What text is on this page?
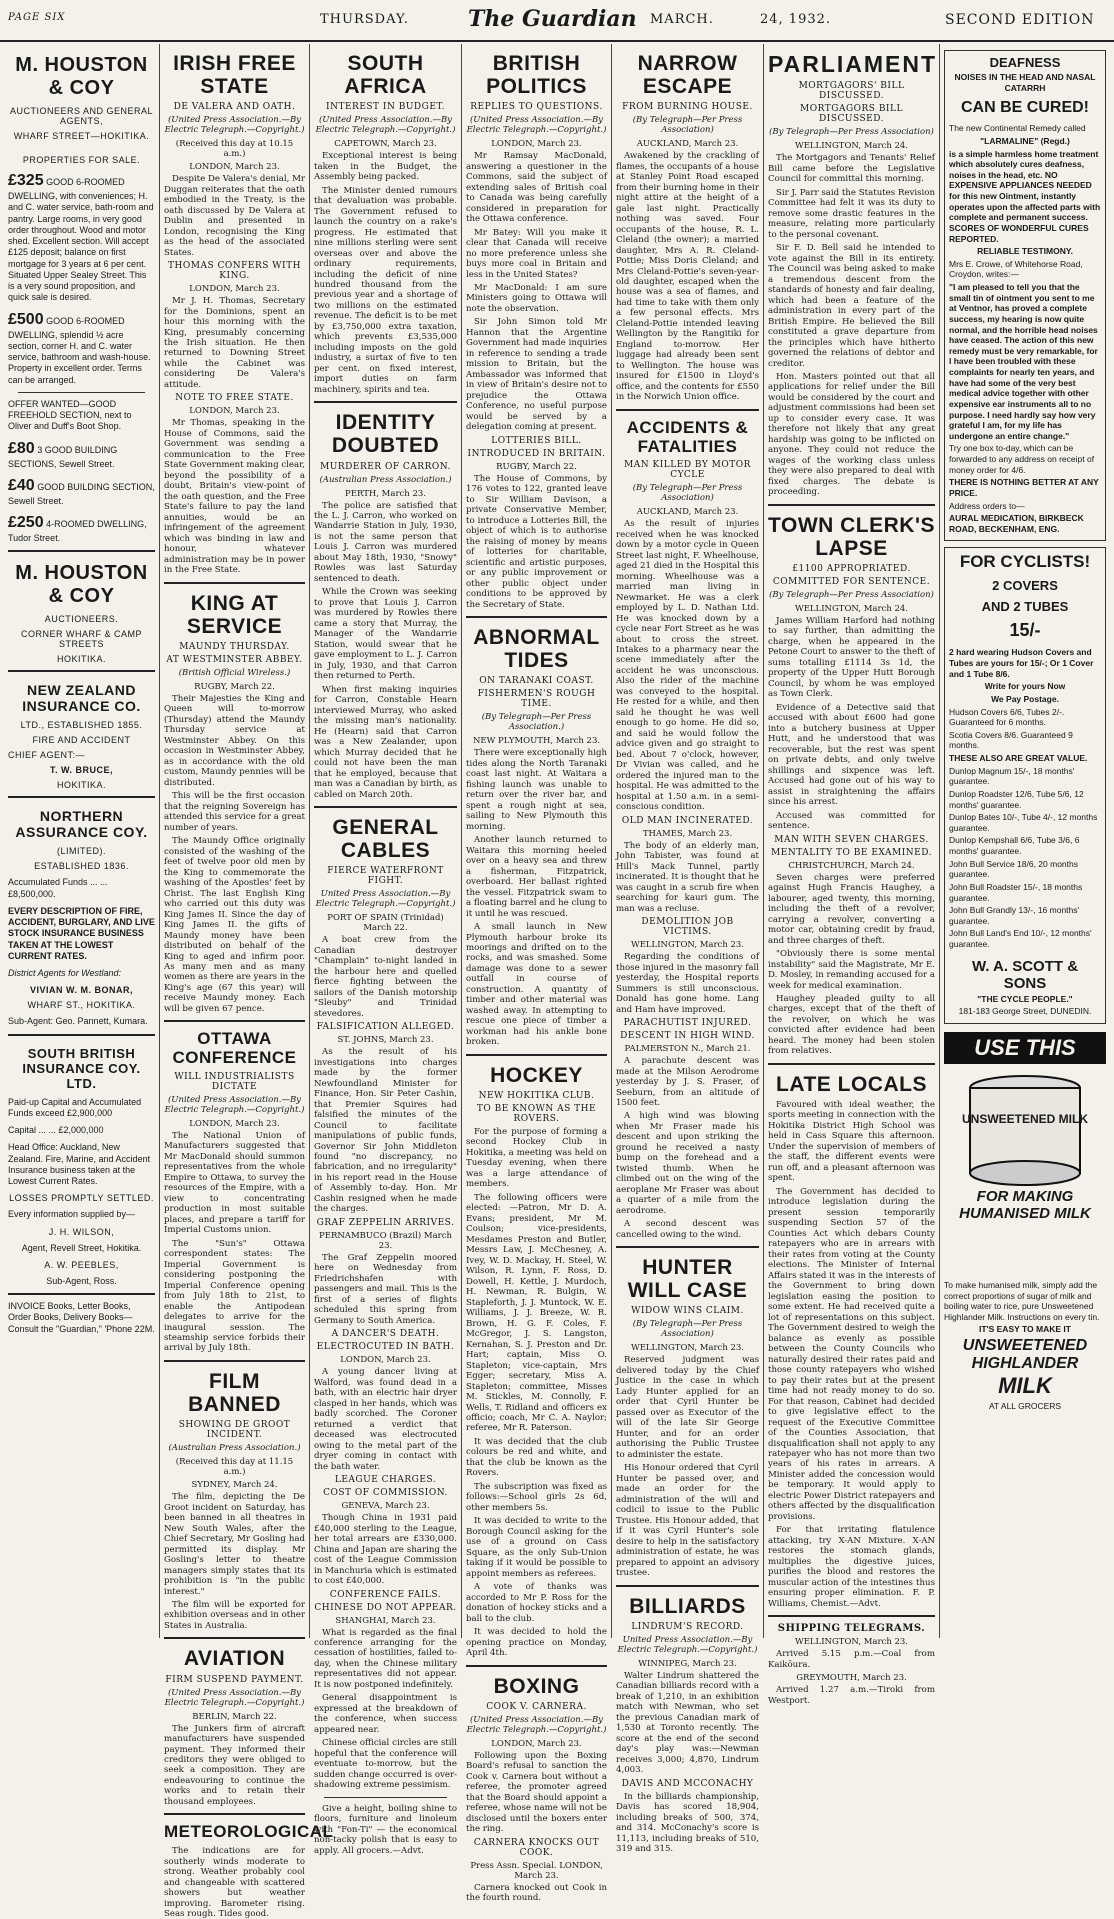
PAGE SIX	THURSDAY.	The Guardian MARCH.	24, 1932.	SECOND EDITION
M. HOUSTON & COY
AUCTIONEERS AND GENERAL AGENTS,
WHARF STREET—HOKITIKA.
PROPERTIES FOR SALE.
£325 GOOD 6-ROOMED DWELLING, with conveniences; H. and C. water service, bath-room and pantry. Large rooms, in very good order throughout. Wood and motor shed. Excellent section. Will accept £125 deposit; balance on first mortgage for 3 years at 6 per cent. Situated Upper Sealey Street. This is a very sound proposition, and quick sale is desired.
£500 GOOD 6-ROOMED DWELLING, splendid ½ acre section, corner H. and C. water service, bathroom and wash-house. Property in excellent order. Terms can be arranged.
OFFER WANTED—GOOD FREEHOLD SECTION, next to Oliver and Duff's Boot Shop.
£80 3 GOOD BUILDING SECTIONS, Sewell Street.
£40 GOOD BUILDING SECTION, Sewell Street.
£250 4-ROOMED DWELLING, Tudor Street.
M. HOUSTON & COY
AUCTIONEERS.
CORNER WHARF & CAMP STREETS
HOKITIKA.
NEW ZEALAND INSURANCE CO.
LTD., ESTABLISHED 1855.
FIRE AND ACCIDENT
CHIEF AGENT:—
T. W. BRUCE,
HOKITIKA.
NORTHERN ASSURANCE COY.
(LIMITED).
ESTABLISHED 1836.
Accumulated Funds ... ... £8,500,000.
EVERY DESCRIPTION OF FIRE, ACCIDENT, BURGLARY, AND LIVE STOCK INSURANCE BUSINESS TAKEN AT THE LOWEST CURRENT RATES.
District Agents for Westland:
VIVIAN W. M. BONAR,
WHARF ST., HOKITIKA.
Sub-Agent: Geo. Pannett, Kumara.
SOUTH BRITISH INSURANCE COY. LTD.
Paid-up Capital and Accumulated Funds exceed £2,900,000
Capital ... ... £2,000,000
Head Office: Auckland, New Zealand. Fire, Marine, and Accident Insurance business taken at the Lowest Current Rates.
LOSSES PROMPTLY SETTLED.
Every information supplied by—
J. H. WILSON,
Agent, Revell Street, Hokitika.
A. W. PEEBLES,
Sub-Agent, Ross.
INVOICE Books, Letter Books, Order Books, Delivery Books—Consult the "Guardian," 'Phone 22M.
IRISH FREE STATE
DE VALERA AND OATH.
(United Press Association.—By Electric Telegraph.—Copyright.)
(Received this day at 10.15 a.m.)
LONDON, March 23.

Despite De Valera's denial, Mr Duggan reiterates that the oath embodied in the Treaty, is the oath discussed by De Valera at Dublin and presented in London, recognising the King as the head of the associated States.

THOMAS CONFERS WITH KING.
LONDON, March 23.

Mr J. H. Thomas, Secretary for the Dominions, spent an hour this morning with the King, presumably concerning the Irish situation. He then returned to Downing Street while the Cabinet was considering De Valera's attitude.

NOTE TO FREE STATE.
LONDON, March 23.

Mr Thomas, speaking in the House of Commons, said the Government was sending a communication to the Free State Government making clear, beyond the possibility of a doubt, Britain's view-point of the oath question, and the Free State's failure to pay the land annuities, would be an infringement of the agreement which was binding in law and honour, whatever administration may be in power in the Free State.

KING AT SERVICE
MAUNDY THURSDAY.
AT WESTMINSTER ABBEY.
(British Official Wireless.)
RUGBY, March 22.

Their Majesties the King and Queen will to-morrow (Thursday) attend the Maundy Thursday service at Westminster Abbey. On this occasion in Westminster Abbey, as in accordance with the old custom, Maundy pennies will be distributed.

This will be the first occasion that the reigning Sovereign has attended this service for a great number of years.

The Maundy Office originally consisted of the washing of the feet of twelve poor old men by the King to commemorate the washing of the Apostles' feet by Christ. The last English King who carried out this duty was King James II. Since the day of King James II. the gifts of Maundy money have been distributed on behalf of the King to aged and infirm poor. As many men and as many women as there are years in the King's age (67 this year) will receive Maundy money. Each will be given 67 pence.

OTTAWA CONFERENCE
WILL INDUSTRIALISTS DICTATE
(United Press Association.—By Electric Telegraph.—Copyright.)
LONDON, March 23.

The National Union of Manufacturers suggested that Mr MacDonald should summon representatives from the whole Empire to Ottawa, to survey the resources of the Empire, with a view to concentrating production in most suitable places, and prepare a tariff for Imperial Customs union.

The "Sun's" Ottawa correspondent states: The Imperial Government is considering postponing the Imperial Conference opening from July 18th to 21st, to enable the Antipodean delegates to arrive for the inaugural session. The steamship service forbids their arrival by July 18th.

FILM BANNED
SHOWING DE GROOT INCIDENT.
(Australian Press Association.)
(Received this day at 11.15 a.m.)
SYDNEY, March 24.

The film, depicting the De Groot incident on Saturday, has been banned in all theatres in New South Wales, after the Chief Secretary, Mr Gosling had permitted its display. Mr Gosling's letter to theatre managers simply states that its prohibition is "in the public interest."

The film will be exported for exhibition overseas and in other States in Australia.

AVIATION
FIRM SUSPEND PAYMENT.
(United Press Association.—By Electric Telegraph.—Copyright.)
BERLIN, March 22.

The Junkers firm of aircraft manufacturers have suspended payment. They informed their creditors they were obliged to seek a composition. They are endeavouring to continue the works and to retain their thousand employees.

METEOROLOGICAL

The indications are for southerly winds moderate to strong. Weather probably cool and changeable with scattered showers but weather improving. Barometer rising. Seas rough. Tides good.

SOUTH AFRICA
INTEREST IN BUDGET.
(United Press Association.—By Electric Telegraph.—Copyright.)
CAPETOWN, March 23.

Exceptional interest is being taken in the Budget, the Assembly being packed.

The Minister denied rumours that devaluation was probable. The Government refused to launch the country on a rake's progress. He estimated that nine millions sterling were sent overseas over and above the ordinary requirements, including the deficit of nine hundred thousand from the previous year and a shortage of two millions on the estimated revenue. The deficit is to be met by £3,750,000 extra taxation, which prevents £3,535,000 including imposts on the gold industry, a surtax of five to ten per cent. on fixed interest, import duties on farm machinery, spirits and tea.

IDENTITY DOUBTED
MURDERER OF CARRON.
(Australian Press Association.)
PERTH, March 23.

The police are satisfied that the L. J. Carron, who worked on Wandarrie Station in July, 1930, is not the same person that Louis J. Carron was murdered about May 18th, 1930, "Snowy" Rowles was last Saturday sentenced to death.

While the Crown was seeking to prove that Louis J. Carron was murdered by Rowles there came a story that Murray, the Manager of the Wandarrie Station, would swear that he gave employment to L. J. Carron in July, 1930, and that Carron then returned to Perth.

When first making inquiries for Carron, Constable Hearn interviewed Murray, who asked the missing man's nationality. He (Hearn) said that Carron was a New Zealander, upon which Murray decided that he could not have been the man that he employed, because that man was a Canadian by birth, as cabled on March 20th.

GENERAL CABLES
FIERCE WATERFRONT FIGHT.
United Press Association.—By Electric Telegraph.—Copyright.)
PORT OF SPAIN (Trinidad) March 22.

A boat crew from the Canadian destroyer "Champlain" to-night landed in the harbour here and quelled fierce fighting between the sailors of the Danish motorship "Sleuby" and Trinidad stevedores.

FALSIFICATION ALLEGED.
ST. JOHNS, March 23.

As the result of his investigations into charges made by the former Newfoundland Minister for Finance, Hon. Sir Peter Cashin, that Premier Squires had falsified the minutes of the Council to facilitate manipulations of public funds, Governor Sir John Middleton found "no discrepancy, no fabrication, and no irregularity" in his report read in the House of Assembly to-day. Hon. Mr Cashin resigned when he made the charges.

GRAF ZEPPELIN ARRIVES.
PERNAMBUCO (Brazil) March 23.

The Graf Zeppelin moored here on Wednesday from Friedrichshafen with passengers and mail. This is the first of a series of flights scheduled this spring from Germany to South America.

A DANCER'S DEATH.
ELECTROCUTED IN BATH.
LONDON, March 23.

A young dancer living at Walford, was found dead in a bath, with an electric hair dryer clasped in her hands, which was badly scorched. The Coroner returned a verdict that deceased was electrocuted owing to the metal part of the dryer coming in contact with the bath water.

LEAGUE CHARGES.
COST OF COMMISSION.
GENEVA, March 23.

Though China in 1931 paid £40,000 sterling to the League, her total arrears are £330,000. China and Japan are sharing the cost of the League Commission in Manchuria which is estimated to cost £40,000.

CONFERENCE FAILS.
CHINESE DO NOT APPEAR.
SHANGHAI, March 23.

What is regarded as the final conference arranging for the cessation of hostilities, failed to-day, when the Chinese military representatives did not appear. It is now postponed indefinitely.

General disappointment is expressed at the breakdown of the conference, when success appeared near.

Chinese official circles are still hopeful that the conference will eventuate to-morrow, but the sudden change occurred is over-shadowing extreme pessimism.

Give a height, boiling shine to floors, furniture and linoleum with "Fon-Ti" — the economical non-tacky polish that is easy to apply. All grocers.—Advt.

BRITISH POLITICS
REPLIES TO QUESTIONS.
(United Press Association.—By Electric Telegraph.—Copyright.)
LONDON, March 23.

Mr Ramsay MacDonald, answering a questioner in the Commons, said the subject of extending sales of British coal to Canada was being carefully considered in preparation for the Ottawa conference.

Mr Batey: Will you make it clear that Canada will receive no more preference unless she buys more coal in Britain and less in the United States?

Mr MacDonald: I am sure Ministers going to Ottawa will note the observation.

Sir John Simon told Mr Hannon that the Argentine Government had made inquiries in reference to sending a trade mission to Britain, but the Ambassador was informed that in view of Britain's desire not to prejudice the Ottawa Conference, no useful purpose would be served by a delegation coming at present.

LOTTERIES BILL.
INTRODUCED IN BRITAIN.
RUGBY, March 22.

The House of Commons, by 176 votes to 122, granted leave to Sir William Davison, a private Conservative Member, to introduce a Lotteries Bill, the object of which is to authorise the raising of money by means of lotteries for charitable, scientific and artistic purposes, or any public improvement or other public object under conditions to be approved by the Secretary of State.

ABNORMAL TIDES
ON TARANAKI COAST.
FISHERMEN'S ROUGH TIME.
(By Telegraph—Per Press Association.)
NEW PLYMOUTH, March 23.

There were exceptionally high tides along the North Taranaki coast last night. At Waitara a fishing launch was unable to return over the river bar, and spent a rough night at sea, sailing to New Plymouth this morning.

Another launch returned to Waitara this morning heeled over on a heavy sea and threw a fisherman, Fitzpatrick, overboard. Her ballast righted the vessel. Fitzpatrick swam to a floating barrel and he clung to it until he was rescued.

A small launch in New Plymouth harbour broke its moorings and drifted on to the rocks, and was smashed. Some damage was done to a sewer outfall in course of construction. A quantity of timber and other material was washed away. In attempting to rescue one piece of timber a workman had his ankle bone broken.

HOCKEY
NEW HOKITIKA CLUB.
TO BE KNOWN AS THE ROVERS.

For the purpose of forming a second Hockey Club in Hokitika, a meeting was held on Tuesday evening, when there was a large attendance of members.

The following officers were elected: —Patron, Mr D. A. Evans; president, Mr M. Coulson; vice-presidents, Mesdames Preston and Butler, Messrs Law, J. McChesney, A. Ivey, W. D. Mackay, H. Steel, W. Wilson, R. Lynn, F. Ross, D. Dowell, H. Kettle, J. Murdoch, H. Newman, R. Bulgin, W. Stapleforth, J. J. Muntock, W. E. Williams, J. J. Breeze, W. R. Brown, H. G. F. Coles, F. McGregor, J. S. Langston, Kernahan, S. J. Preston and Dr. Hart; captain, Miss O. Stapleton; vice-captain, Mrs Egger; secretary, Miss A. Stapleton; committee, Misses M. Stickles, M. Connolly, F. Wells, T. Ridland and officers ex officio; coach, Mr C. A. Naylor; referee, Mr R. Paterson.

It was decided that the club colours be red and white, and that the club be known as the Rovers.

The subscription was fixed as follows:—School girls 2s 6d, other members 5s.

It was decided to write to the Borough Council asking for the use of a ground on Cass Square, as the only Sub-Union taking if it would be possible to appoint members as referees.

A vote of thanks was accorded to Mr P. Ross for the donation of hockey sticks and a ball to the club.

It was decided to hold the opening practice on Monday, April 4th.

BOXING
COOK V. CARNERA.
(United Press Association.—By Electric Telegraph.—Copyright.)
LONDON, March 23.

Following upon the Boxing Board's refusal to sanction the Cook v. Carnera bout without a referee, the promoter agreed that the Board should appoint a referee, whose name will not be disclosed until the boxers enter the ring.

CARNERA KNOCKS OUT COOK.
Press Assn. Special. LONDON, March 23.

Carnera knocked out Cook in the fourth round.

NARROW ESCAPE
FROM BURNING HOUSE.
(By Telegraph—Per Press Association)
AUCKLAND, March 23.

Awakened by the crackling of flames, the occupants of a house at Stanley Point Road escaped from their burning home in their night attire at the height of a gale last night. Practically nothing was saved. Four occupants of the house, R. L. Cleland (the owner); a married daughter, Mrs A. R. Cleland-Pottie; Miss Doris Cleland; and Mrs Cleland-Pottie's seven-year-old daughter, escaped when the house was a sea of flames, and had time to take with them only a few personal effects. Mrs Cleland-Pottie intended leaving Wellington by the Rangitiki for England to-morrow. Her luggage had already been sent to Wellington. The house was insured for £1500 in Lloyd's office, and the contents for £550 in the Norwich Union office.

ACCIDENTS & FATALITIES
MAN KILLED BY MOTOR CYCLE
(By Telegraph—Per Press Association)
AUCKLAND, March 23.

As the result of injuries received when he was knocked down by a motor cycle in Queen Street last night, F. Wheelhouse, aged 21 died in the Hospital this morning. Wheelhouse was a married man living in Newmarket. He was a clerk employed by L. D. Nathan Ltd. He was knocked down by a cycle near Fort Street as he was about to cross the street. Intakes to a pharmacy near the scene immediately after the accident he was unconscious. Also the rider of the machine was conveyed to the hospital. He rested for a while, and then said he thought he was well enough to go home. He did so, and said he would follow the advice given and go straight to bed. About 7 o'clock, however, Dr Vivian was called, and he ordered the injured man to the hospital. He was admitted to the hospital at 1.50 a.m. in a semi-conscious condition.

OLD MAN INCINERATED.
THAMES, March 23.

The body of an elderly man, John Tabister, was found at Hill's Mack Tunnel, partly incinerated. It is thought that he was caught in a scrub fire when searching for kauri gum. The man was a recluse.

DEMOLITION JOB VICTIMS.
WELLINGTON, March 23.

Regarding the conditions of those injured in the masonry fall yesterday, the Hospital reports Summers is still unconscious. Donald has gone home. Lang and Ham have improved.

PARACHUTIST INJURED.
DESCENT IN HIGH WIND.
PALMERSTON N., March 21.

A parachute descent was made at the Milson Aerodrome yesterday by J. S. Fraser, of Seeburn, from an altitude of 1500 feet.

A high wind was blowing when Mr Fraser made his descent and upon striking the ground he received a nasty bump on the forehead and a twisted thumb. When he climbed out on the wing of the aeroplane Mr Fraser was about a quarter of a mile from the aerodrome.

A second descent was cancelled owing to the wind.

HUNTER WILL CASE
WIDOW WINS CLAIM.
(By Telegraph—Per Press Association)
WELLINGTON, March 23.

Reserved judgment was delivered today by the Chief Justice in the case in which Lady Hunter applied for an order that Cyril Hunter be passed over as Executor of the will of the late Sir George Hunter, and for an order authorising the Public Trustee to administer the estate.

His Honour ordered that Cyril Hunter be passed over, and made an order for the administration of the will and codicil to issue to the Public Trustee. His Honour added, that if it was Cyril Hunter's sole desire to help in the satisfactory administration of estate, he was prepared to appoint an advisory trustee.

BILLIARDS
LINDRUM'S RECORD.
United Press Association.—By Electric Telegraph.—Copyright.)
WINNIPEG, March 23.

Walter Lindrum shattered the Canadian billiards record with a break of 1,210, in an exhibition match with Newman, who set the previous Canadian mark of 1,530 at Toronto recently. The score at the end of the second day's play was:—Newman receives 3,000; 4,870, Lindrum 4,003.

DAVIS AND MCCONACHY

In the billiards championship, Davis has scored 18,904, including breaks of 500, 374, and 314. McConachy's score is 11,113, including breaks of 510, 319 and 315.

PARLIAMENT
MORTGAGORS' BILL DISCUSSED.
MORTGAGORS BILL DISCUSSED.
(By Telegraph—Per Press Association)
WELLINGTON, March 24.

The Mortgagors and Tenants' Relief Bill came before the Legislative Council for committal this morning.

Sir J. Parr said the Statutes Revision Committee had felt it was its duty to remove some drastic features in the measure, relating more particularly to the personal covenant.

Sir F. D. Bell said he intended to vote against the Bill in its entirety. The Council was being asked to make a tremendous descent from the standards of honesty and fair dealing, which had been a feature of the administration in every part of the British Empire. He believed the Bill constituted a grave departure from the principles which have hitherto governed the relations of debtor and creditor.

Hon. Masters pointed out that all applications for relief under the Bill would be considered by the court and adjustment commissions had been set up to consider every case. It was therefore not likely that any great hardship was going to be inflicted on anyone. They could not reduce the wages of the working class unless they were also prepared to deal with fixed charges. The debate is proceeding.

TOWN CLERK'S LAPSE
£1100 APPROPRIATED.
COMMITTED FOR SENTENCE.
(By Telegraph—Per Press Association)
WELLINGTON, March 24.

James William Harford had nothing to say further, than admitting the charge, when he appeared in the Petone Court to answer to the theft of sums totalling £1114 3s 1d, the property of the Upper Hutt Borough Council, by whom he was employed as Town Clerk.

Evidence of a Detective said that accused with about £600 had gone into a butchery business at Upper Hutt, and he understood that was recoverable, but the rest was spent on private debts, and only twelve shillings and sixpence was left. Accused had gone out of his way to assist in straightening the affairs since his arrest.

Accused was committed for sentence.

MAN WITH SEVEN CHARGES.
MENTALITY TO BE EXAMINED.
CHRISTCHURCH, March 24.

Seven charges were preferred against Hugh Francis Haughey, a labourer, aged twenty, this morning, including the theft of a revolver, carrying a revolver, converting a motor car, obtaining credit by fraud, and three charges of theft.

"Obviously there is some mental instability" said the Magistrate, Mr E. D. Mosley, in remanding accused for a week for medical examination.

Haughey pleaded guilty to all charges, except that of the theft of the revolver, on which he was convicted after evidence had been heard. The money had been stolen from relatives.

LATE LOCALS

Favoured with ideal weather, the sports meeting in connection with the Hokitika District High School was held in Cass Square this afternoon. Under the supervision of members of the staff, the different events were run off, and a pleasant afternoon was spent.

The Government has decided to introduce legislation during the present session temporarily suspending Section 57 of the Counties Act which debars County ratepayers who are in arrears with their rates from voting at the County elections. The Minister of Internal Affairs stated it was in the interests of the Government to bring down legislation easing the position to some extent. He had received quite a lot of representations on this subject. The Government desired to weigh the balance as evenly as possible between the County Councils who naturally desired their rates paid and those county ratepayers who wished to pay their rates but at the present time had not ready money to do so. For that reason, Cabinet had decided to give legislative effect to the request of the Executive Committee of the Counties Association, that disqualification shall not apply to any ratepayer who has not more than two years of his rates in arrears. A Minister added the concession would be temporary. It would apply to electric Power District ratepayers and others affected by the disqualification provisions.

For that irritating flatulence attacking, try X-AN Mixture. X-AN restores the stomach glands, multiplies the digestive juices, purifies the blood and restores the muscular action of the intestines thus ensuring proper elimination. F. P. Williams, Chemist.—Advt.

SHIPPING TELEGRAMS.
WELLINGTON, March 23.

Arrived 5.15 p.m.—Coal from Kaikōura.

GREYMOUTH, March 23.

Arrived 1.27 a.m.—Tiroki from Westport.

DEAFNESS
NOISES IN THE HEAD AND NASAL CATARRH
CAN BE CURED!
The new Continental Remedy called
"LARMALINE" (Regd.)
is a simple harmless home treatment which absolutely cures deafness, noises in the head, etc. NO EXPENSIVE APPLIANCES NEEDED for this new Ointment, instantly operates upon the affected parts with complete and permanent success. SCORES OF WONDERFUL CURES REPORTED.
RELIABLE TESTIMONY.
Mrs E. Crowe, of Whitehorse Road, Croydon, writes:—
"I am pleased to tell you that the small tin of ointment you sent to me at Ventnor, has proved a complete success, my hearing is now quite normal, and the horrible head noises have ceased. The action of this new remedy must be very remarkable, for I have been troubled with these complaints for nearly ten years, and have had some of the very best medical advice together with other expensive ear instruments all to no purpose. I need hardly say how very grateful I am, for my life has undergone an entire change."
Try one box to-day, which can be forwarded to any address on receipt of money order for 4/6.
THERE IS NOTHING BETTER AT ANY PRICE.
Address orders to—
AURAL MEDICATION, BIRKBECK ROAD, BECKENHAM, ENG.
FOR CYCLISTS!
2 COVERS
AND 2 TUBES
15/-
2 hard wearing Hudson Covers and Tubes are yours for 15/-; Or 1 Cover and 1 Tube 8/6.
Write for yours Now
We Pay Postage.
Hudson Covers 6/6, Tubes 2/-. Guaranteed for 6 months.
Scotia Covers 8/6. Guaranteed 9 months.
THESE ALSO ARE GREAT VALUE.
Dunlop Magnum 15/-, 18 months' guarantee.
Dunlop Roadster 12/6, Tube 5/6, 12 months' guarantee.
Dunlop Bates 10/-, Tube 4/-, 12 months guarantee.
Dunlop Kempshall 6/6, Tube 3/6, 6 months' guarantee.
John Bull Service 18/6, 20 months guarantee.
John Bull Roadster 15/-, 18 months guarantee.
John Bull Grandly 13/-, 16 months' guarantee.
John Bull Land's End 10/-, 12 months' guarantee.
W. A. SCOTT & SONS
"THE CYCLE PEOPLE."
181-183 George Street, DUNEDIN.
USE THIS
UNSWEETENED MILK
FOR MAKING HUMANISED MILK
To make humanised milk, simply add the correct proportions of sugar of milk and boiling water to rice, pure Unsweetened Highlander Milk. Instructions on every tin.
IT'S EASY TO MAKE IT
UNSWEETENED
HIGHLANDER
MILK
AT ALL GROCERS
